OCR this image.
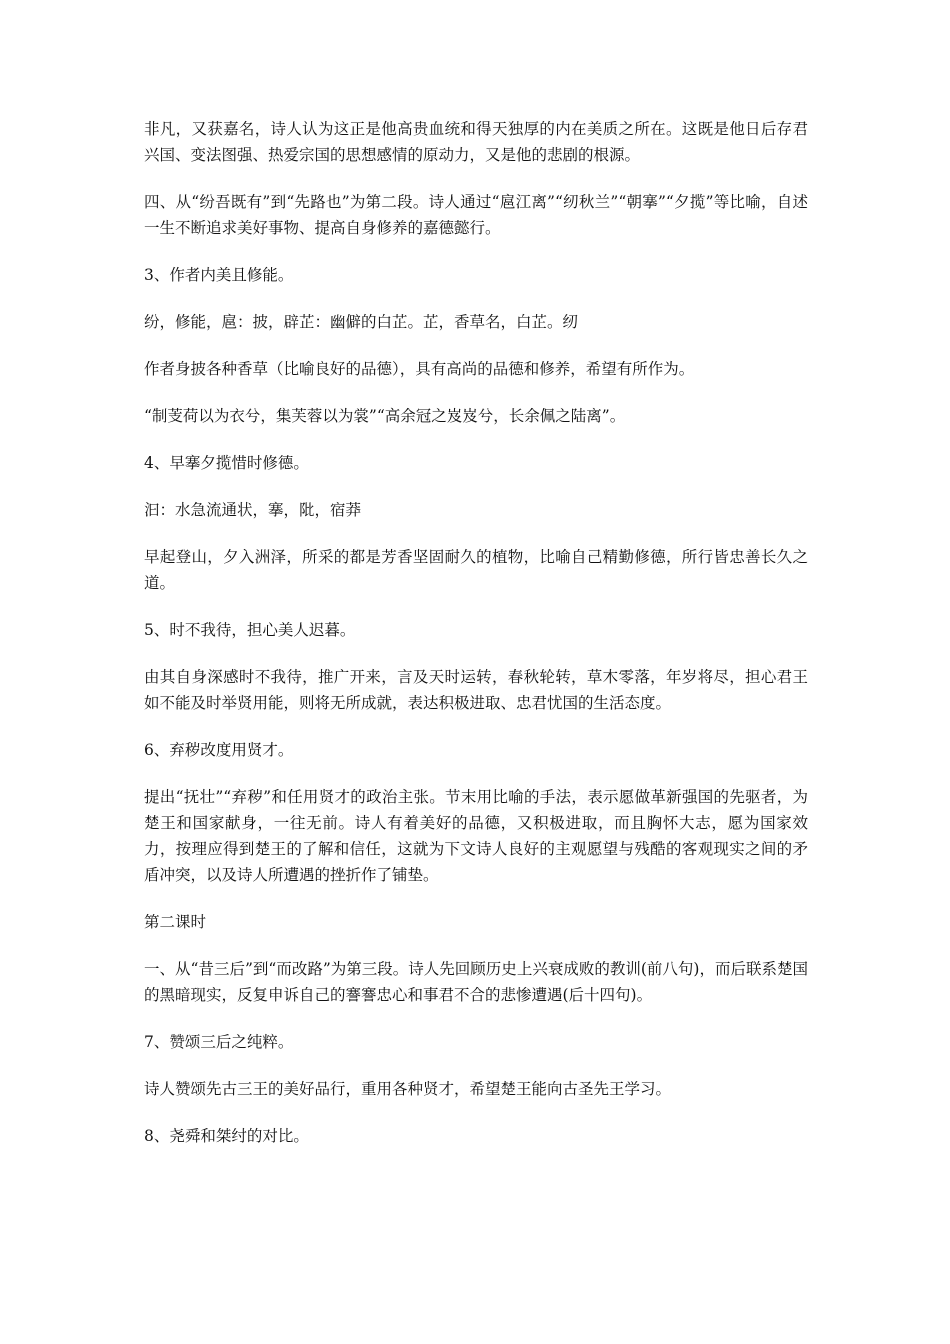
非凡，又获嘉名，诗人认为这正是他高贵血统和得天独厚的内在美质之所在。这既是他日后存君兴国、变法图强、热爱宗国的思想感情的原动力，又是他的悲剧的根源。

四、从“纷吾既有”到“先路也”为第二段。诗人通过“扈江离”“纫秋兰”“朝搴”“夕揽”等比喻，自述一生不断追求美好事物、提高自身修养的嘉德懿行。

3、作者内美且修能。

纷，修能，扈：披，辟芷：幽僻的白芷。芷，香草名，白芷。纫

作者身披各种香草（比喻良好的品德），具有高尚的品德和修养，希望有所作为。

“制芰荷以为衣兮，集芙蓉以为裳”“高余冠之岌岌兮，长余佩之陆离”。

4、早搴夕揽惜时修德。

汩：水急流通状，搴，阰，宿莽

早起登山，夕入洲泽，所采的都是芳香坚固耐久的植物，比喻自己精勤修德，所行皆忠善长久之道。

5、时不我待，担心美人迟暮。

由其自身深感时不我待，推广开来，言及天时运转，春秋轮转，草木零落，年岁将尽，担心君王如不能及时举贤用能，则将无所成就，表达积极进取、忠君忧国的生活态度。

6、弃秽改度用贤才。

提出“抚壮”“弃秽”和任用贤才的政治主张。节末用比喻的手法，表示愿做革新强国的先驱者，为楚王和国家献身，一往无前。诗人有着美好的品德，又积极进取，而且胸怀大志，愿为国家效力，按理应得到楚王的了解和信任，这就为下文诗人良好的主观愿望与残酷的客观现实之间的矛盾冲突，以及诗人所遭遇的挫折作了铺垫。

第二课时

一、从“昔三后”到“而改路”为第三段。诗人先回顾历史上兴衰成败的教训(前八句)，而后联系楚国的黑暗现实，反复申诉自己的謇謇忠心和事君不合的悲惨遭遇(后十四句)。

7、赞颂三后之纯粹。

诗人赞颂先古三王的美好品行，重用各种贤才，希望楚王能向古圣先王学习。

8、尧舜和桀纣的对比。
